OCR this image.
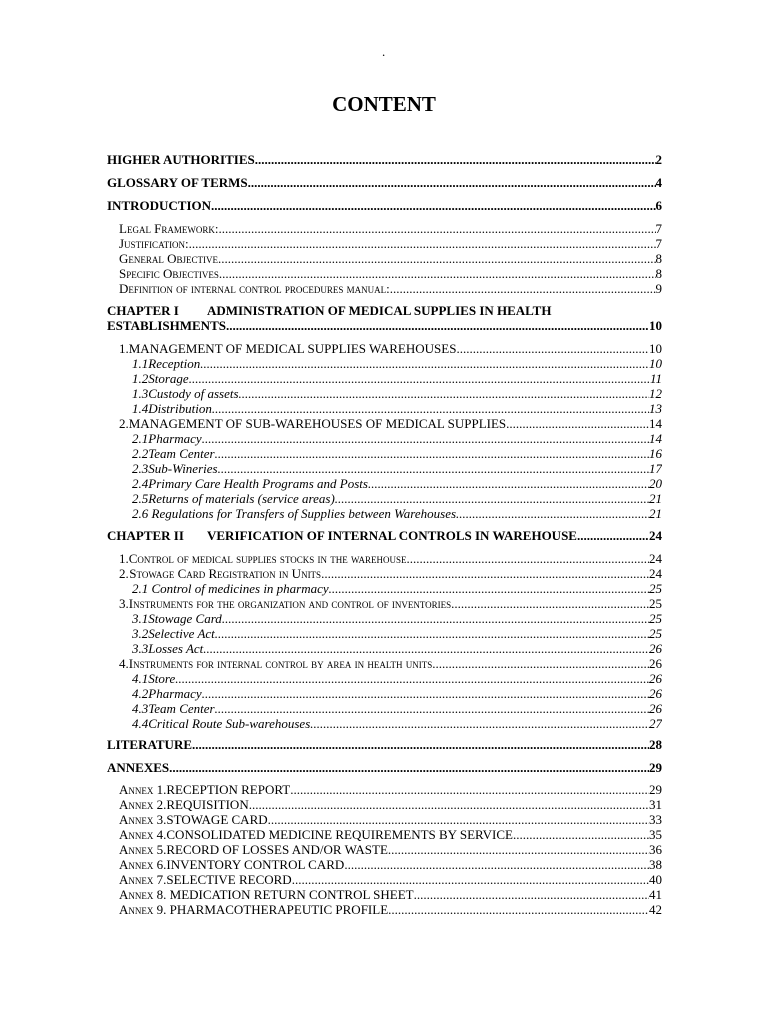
.
CONTENT
HIGHER AUTHORITIES .....	2
GLOSSARY OF TERMS .....	4
INTRODUCTION .....	6
Legal Framework: .....	7
Justification: .....	7
General Objective .....	8
Specific Objectives .....	8
Definition of internal control procedures manual: .....	9
CHAPTER I ADMINISTRATION OF MEDICAL SUPPLIES IN HEALTH
ESTABLISHMENTS .....	10
1. MANAGEMENT OF MEDICAL SUPPLIES WAREHOUSES .....	10
1.1 Reception .....	10
1.2 Storage .....	11
1.3 Custody of assets .....	12
1.4 Distribution .....	13
2. MANAGEMENT OF SUB-WAREHOUSES OF MEDICAL SUPPLIES .....	14
2.1 Pharmacy .....	14
2.2 Team Center .....	16
2.3 Sub-Wineries .....	17
2.4 Primary Care Health Programs and Posts .....	20
2.5 Returns of materials (service areas) .....	21
2.6 Regulations for Transfers of Supplies between Warehouses .....	21
CHAPTER II	VERIFICATION OF INTERNAL CONTROLS IN WAREHOUSE .....	24
1. Control of medical supplies stocks in the warehouse .....	24
2. Stowage Card Registration in Units .....	24
2.1 Control of medicines in pharmacy .....	25
3. Instruments for the organization and control of inventories .....	25
3.1 Stowage Card .....	25
3.2 Selective Act .....	25
3.3 Losses Act .....	26
4. Instruments for internal control by area in health units .....	26
4.1 Store .....	26
4.2 Pharmacy .....	26
4.3 Team Center .....	26
4.4 Critical Route Sub-warehouses .....	27
LITERATURE .....	28
ANNEXES .....	29
Annex 1. RECEPTION REPORT .....	29
Annex 2. REQUISITION .....	31
Annex 3. STOWAGE CARD .....	33
Annex 4. CONSOLIDATED MEDICINE REQUIREMENTS BY SERVICE .....	35
Annex 5. RECORD OF LOSSES AND/OR WASTE .....	36
Annex 6. INVENTORY CONTROL CARD .....	38
Annex 7. SELECTIVE RECORD .....	40
Annex 8. MEDICATION RETURN CONTROL SHEET .....	41
Annex 9. PHARMACOTHERAPEUTIC PROFILE .....	42
